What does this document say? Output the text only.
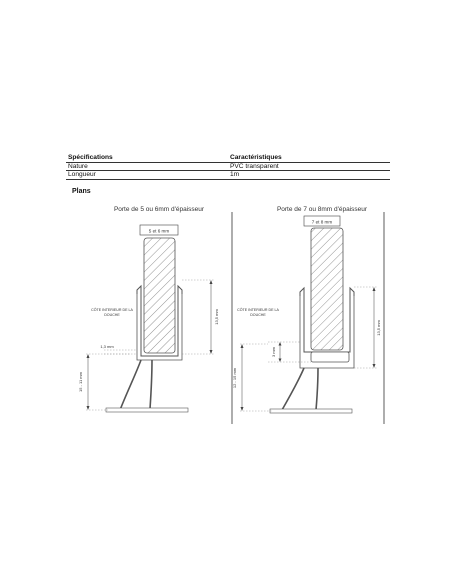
Spécifications	Caractéristiques
Nature	PVC transparent
Longueur	1m
Plans
Porte de 5 ou 6mm d'épaisseur
5 et 6 mm
CÔTE INTERIEUR DE LA
DOUCHE	13,5 mm
1,3 mm
15 - 11 mm
Porte de 7 ou 8mm d'épaisseur
7 et 8 mm
CÔTE INTERIEUR DE LA
DOUCHE
13,5 mm
3 mm
12 - 15 mm
